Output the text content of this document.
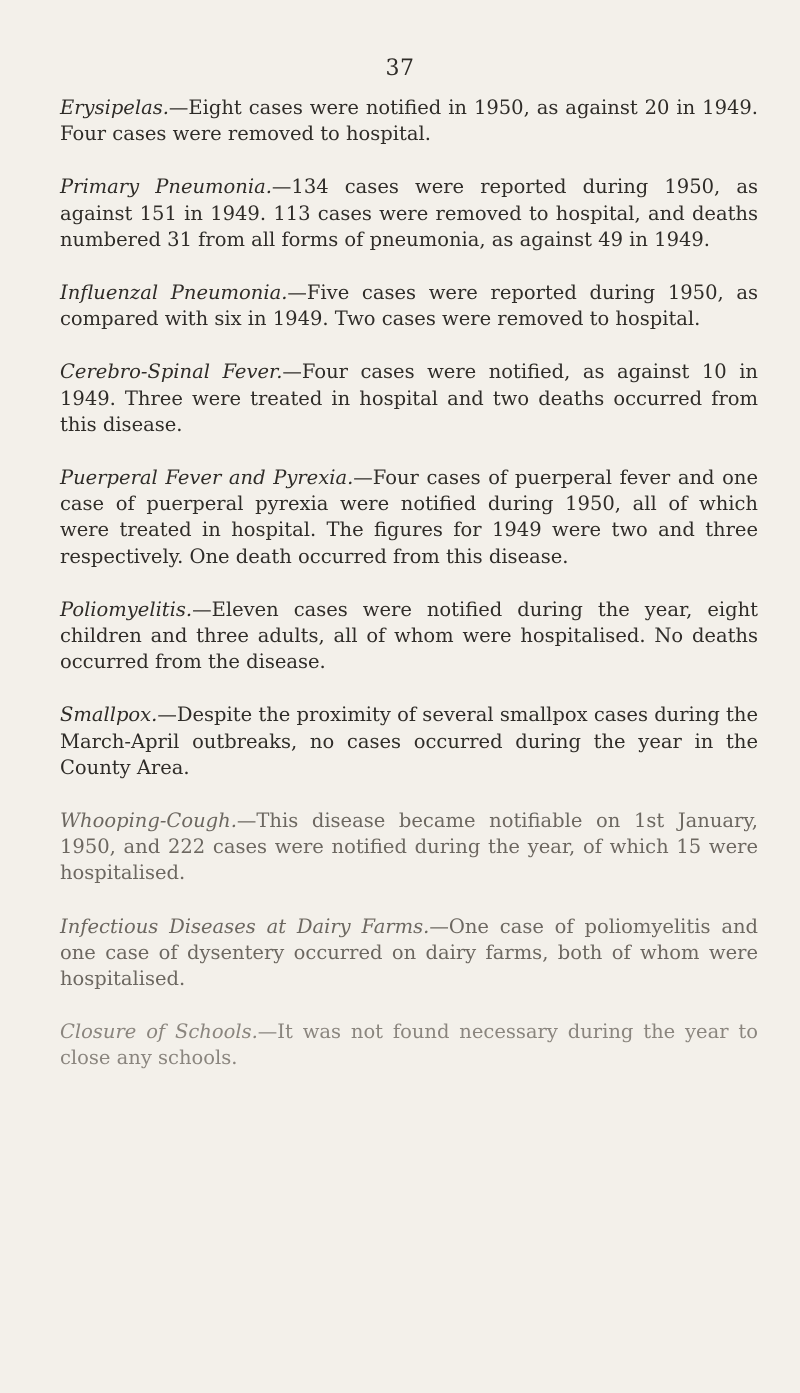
37

Erysipelas.—Eight cases were notified in 1950, as against 20 in 1949. Four cases were removed to hospital.

Primary Pneumonia.—134 cases were reported during 1950, as against 151 in 1949. 113 cases were removed to hospital, and deaths numbered 31 from all forms of pneumonia, as against 49 in 1949.

Influenzal Pneumonia.—Five cases were reported during 1950, as compared with six in 1949. Two cases were removed to hospital.

Cerebro-Spinal Fever.—Four cases were notified, as against 10 in 1949. Three were treated in hospital and two deaths occurred from this disease.

Puerperal Fever and Pyrexia.—Four cases of puerperal fever and one case of puerperal pyrexia were notified during 1950, all of which were treated in hospital. The figures for 1949 were two and three respectively. One death occurred from this disease.

Poliomyelitis.—Eleven cases were notified during the year, eight children and three adults, all of whom were hospitalised. No deaths occurred from the disease.

Smallpox.—Despite the proximity of several smallpox cases during the March-April outbreaks, no cases occurred during the year in the County Area.

Whooping-Cough.—This disease became notifiable on 1st January, 1950, and 222 cases were notified during the year, of which 15 were hospitalised.

Infectious Diseases at Dairy Farms.—One case of poliomyelitis and one case of dysentery occurred on dairy farms, both of whom were hospitalised.

Closure of Schools.—It was not found necessary during the year to close any schools.
